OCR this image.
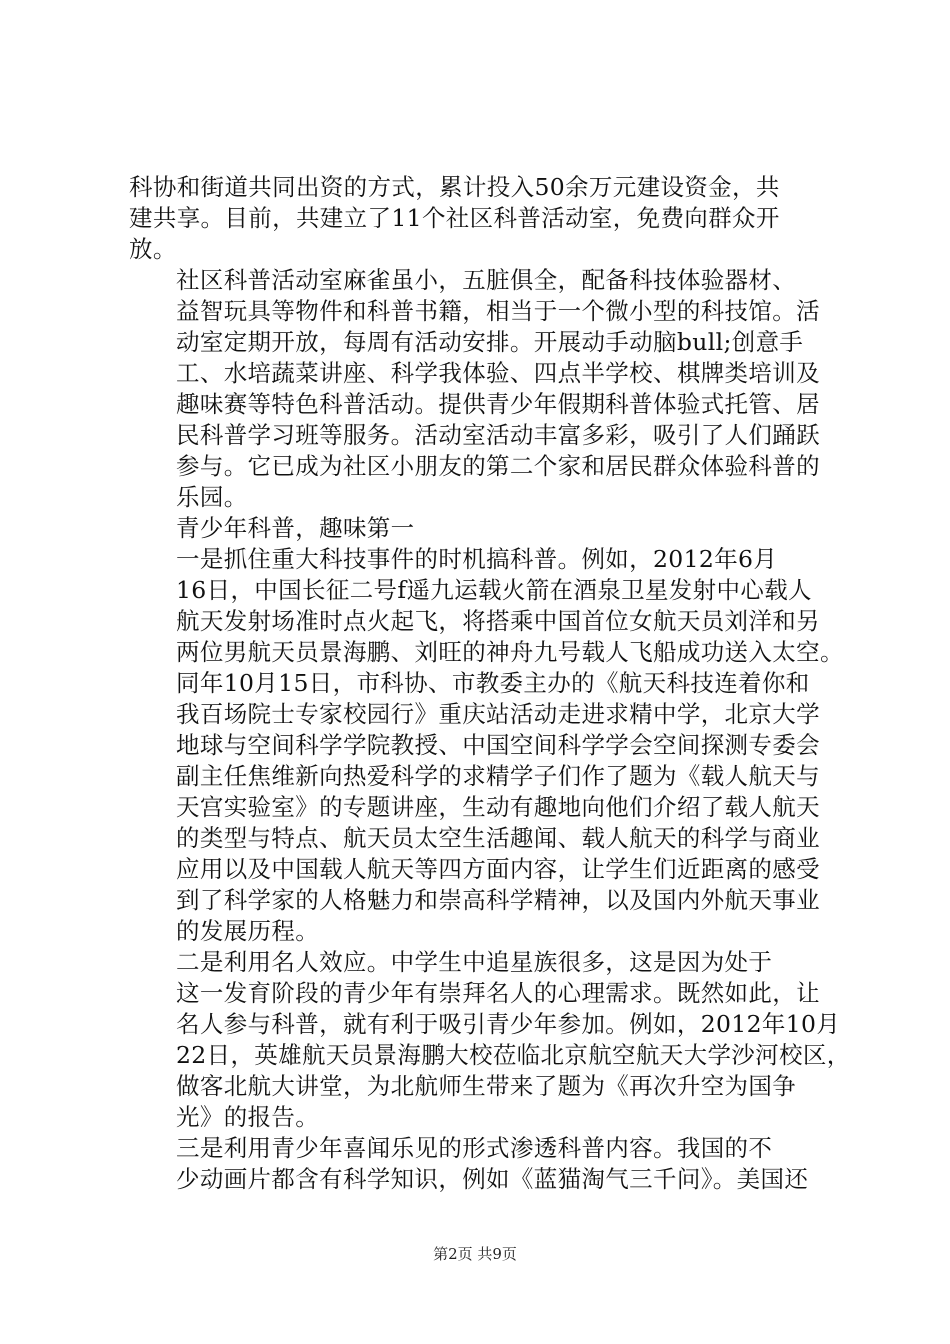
科协和街道共同出资的方式，累计投入50余万元建设资金，共
建共享。目前，共建立了11个社区科普活动室，免费向群众开
放。

社区科普活动室麻雀虽小，五脏俱全，配备科技体验器材、
益智玩具等物件和科普书籍，相当于一个微小型的科技馆。活
动室定期开放，每周有活动安排。开展动手动脑bull;创意手
工、水培蔬菜讲座、科学我体验、四点半学校、棋牌类培训及
趣味赛等特色科普活动。提供青少年假期科普体验式托管、居
民科普学习班等服务。活动室活动丰富多彩，吸引了人们踊跃
参与。它已成为社区小朋友的第二个家和居民群众体验科普的
乐园。

青少年科普，趣味第一

一是抓住重大科技事件的时机搞科普。例如，2012年6月
16日，中国长征二号f遥九运载火箭在酒泉卫星发射中心载人
航天发射场准时点火起飞，将搭乘中国首位女航天员刘洋和另
两位男航天员景海鹏、刘旺的神舟九号载人飞船成功送入太空。
同年10月15日，市科协、市教委主办的《航天科技连着你和
我百场院士专家校园行》重庆站活动走进求精中学，北京大学
地球与空间科学学院教授、中国空间科学学会空间探测专委会
副主任焦维新向热爱科学的求精学子们作了题为《载人航天与
天宫实验室》的专题讲座，生动有趣地向他们介绍了载人航天
的类型与特点、航天员太空生活趣闻、载人航天的科学与商业
应用以及中国载人航天等四方面内容，让学生们近距离的感受
到了科学家的人格魅力和崇高科学精神，以及国内外航天事业
的发展历程。

二是利用名人效应。中学生中追星族很多，这是因为处于
这一发育阶段的青少年有崇拜名人的心理需求。既然如此，让
名人参与科普，就有利于吸引青少年参加。例如，2012年10月
22日，英雄航天员景海鹏大校莅临北京航空航天大学沙河校区，
做客北航大讲堂，为北航师生带来了题为《再次升空为国争
光》的报告。

三是利用青少年喜闻乐见的形式渗透科普内容。我国的不
少动画片都含有科学知识，例如《蓝猫淘气三千问》。美国还

第2页 共9页
